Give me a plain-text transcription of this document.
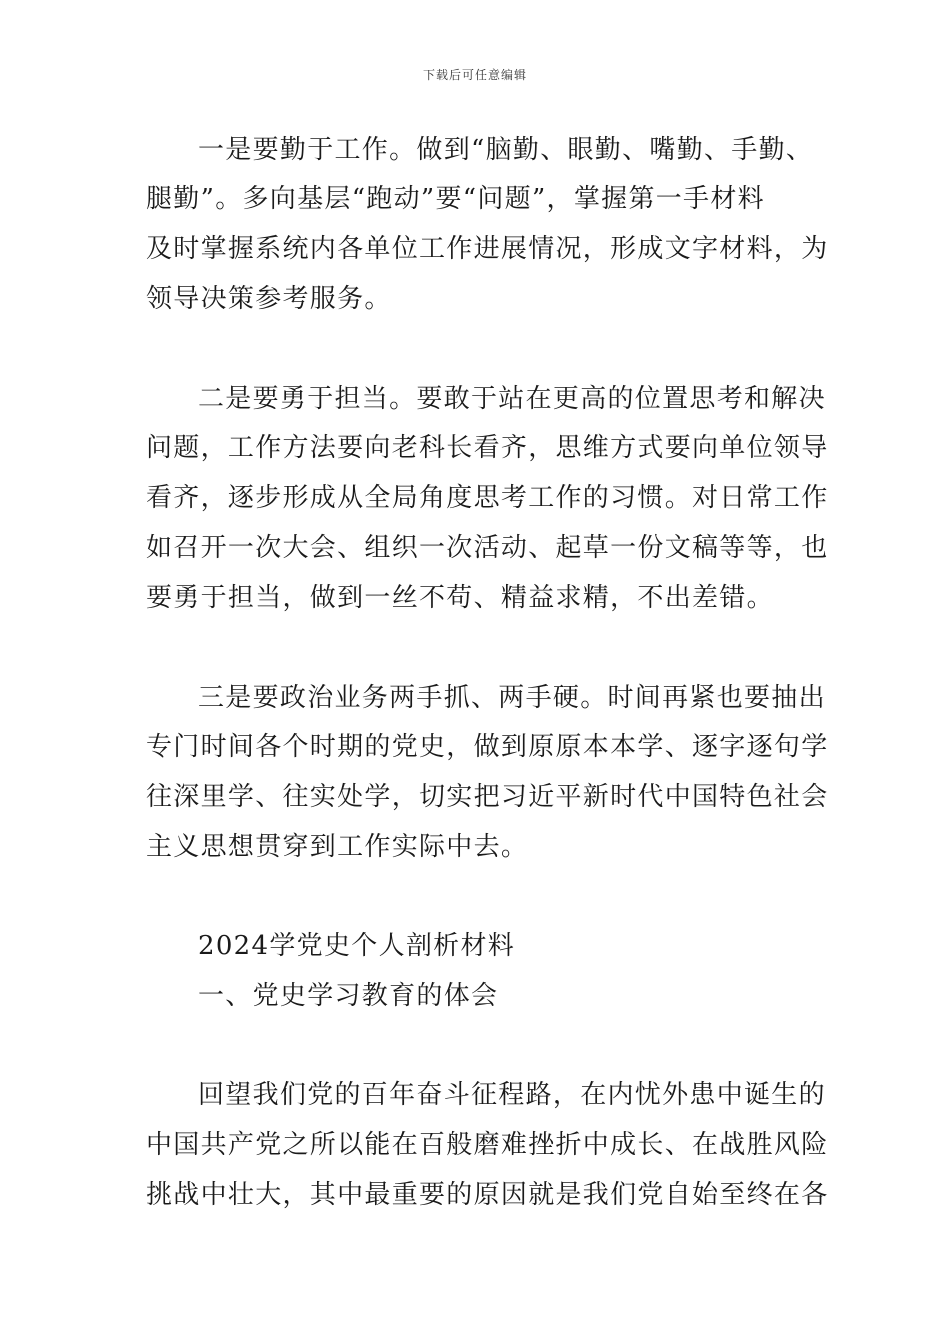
下载后可任意编辑
一是要勤于工作。做到“脑勤、眼勤、嘴勤、手勤、
腿勤”。多向基层“跑动”要“问题”，掌握第一手材料
及时掌握系统内各单位工作进展情况，形成文字材料，为
领导决策参考服务。
二是要勇于担当。要敢于站在更高的位置思考和解决
问题，工作方法要向老科长看齐，思维方式要向单位领导
看齐，逐步形成从全局角度思考工作的习惯。对日常工作
如召开一次大会、组织一次活动、起草一份文稿等等，也
要勇于担当，做到一丝不苟、精益求精，不出差错。
三是要政治业务两手抓、两手硬。时间再紧也要抽出
专门时间各个时期的党史，做到原原本本学、逐字逐句学
往深里学、往实处学，切实把习近平新时代中国特色社会
主义思想贯穿到工作实际中去。
2024学党史个人剖析材料
一、党史学习教育的体会
回望我们党的百年奋斗征程路，在内忧外患中诞生的
中国共产党之所以能在百般磨难挫折中成长、在战胜风险
挑战中壮大，其中最重要的原因就是我们党自始至终在各
